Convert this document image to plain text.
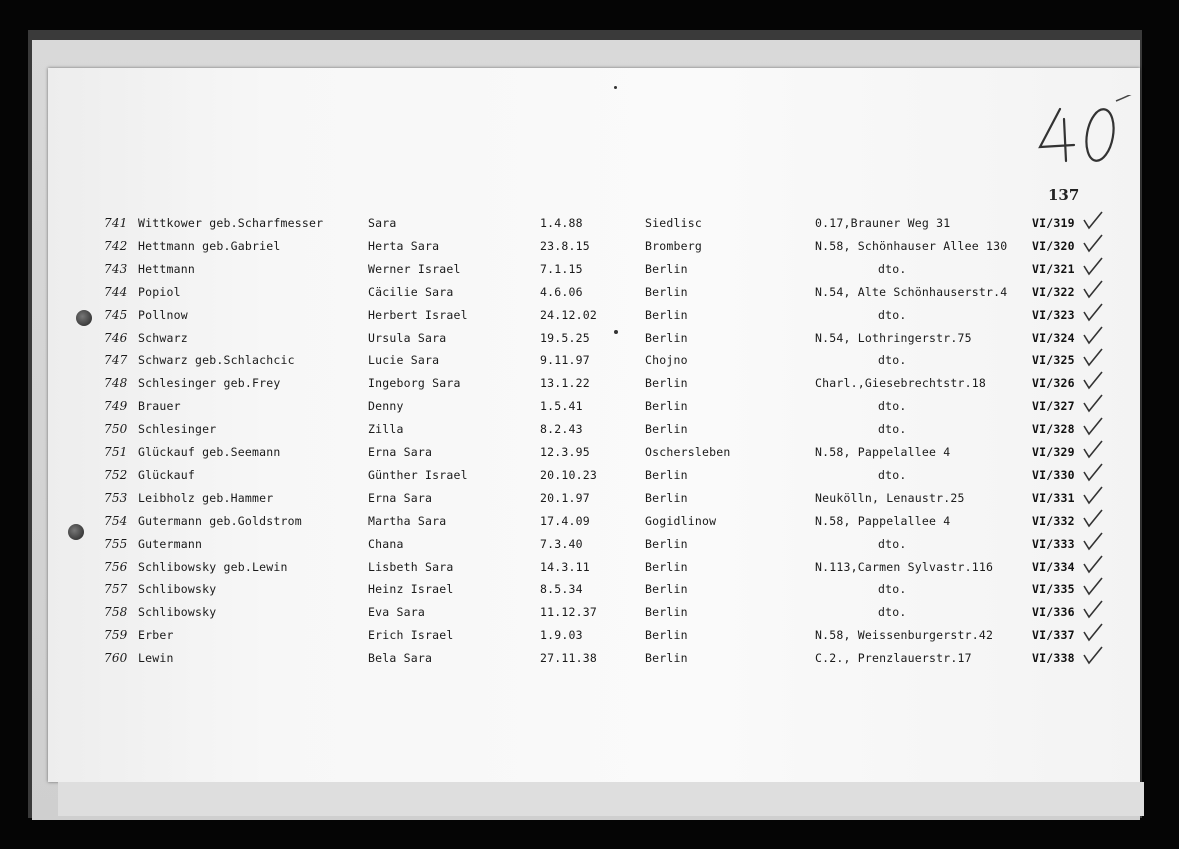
137
741 Wittkower geb.Scharfmesser	Sara	1.4.88	Siedlisc	0.17,Brauner Weg 31	VI/319
742 Hettmann geb.Gabriel	Herta Sara	23.8.15	Bromberg	N.58, Schönhauser Allee 130 VI/320
743 Hettmann	Werner Israel	7.1.15	Berlin	dto.	VI/321
744 Popiol	Cäcilie Sara	4.6.06	Berlin	N.54, Alte Schönhauserstr.4 VI/322
745 Pollnow	Herbert Israel	24.12.02	Berlin	dto.	VI/323
746 Schwarz	Ursula Sara	19.5.25	Berlin	N.54, Lothringerstr.75	VI/324
747 Schwarz geb.Schlachcic	Lucie Sara	9.11.97	Chojno	dto.	VI/325
748 Schlesinger geb.Frey	Ingeborg Sara	13.1.22	Berlin	Charl.,Giesebrechtstr.18	VI/326
749 Brauer	Denny	1.5.41	Berlin	dto.	VI/327
750 Schlesinger	Zilla	8.2.43	Berlin	dto.	VI/328
751 Glückauf geb.Seemann	Erna Sara	12.3.95	Oschersleben	N.58, Pappelallee 4	VI/329
752 Glückauf	Günther Israel	20.10.23	Berlin	dto.	VI/330
753 Leibholz geb.Hammer	Erna Sara	20.1.97	Berlin	Neukölln, Lenaustr.25	VI/331
754 Gutermann geb.Goldstrom	Martha Sara	17.4.09	Gogidlinow	N.58, Pappelallee 4	VI/332
755 Gutermann	Chana	7.3.40	Berlin	dto.	VI/333
756 Schlibowsky geb.Lewin	Lisbeth Sara	14.3.11	Berlin	N.113,Carmen Sylvastr.116	VI/334
757 Schlibowsky	Heinz Israel	8.5.34	Berlin	dto.	VI/335
758 Schlibowsky	Eva Sara	11.12.37	Berlin	dto.	VI/336
759 Erber	Erich Israel	1.9.03	Berlin	N.58, Weissenburgerstr.42	VI/337
760 Lewin	Bela Sara	27.11.38	Berlin	C.2., Prenzlauerstr.17	VI/338
